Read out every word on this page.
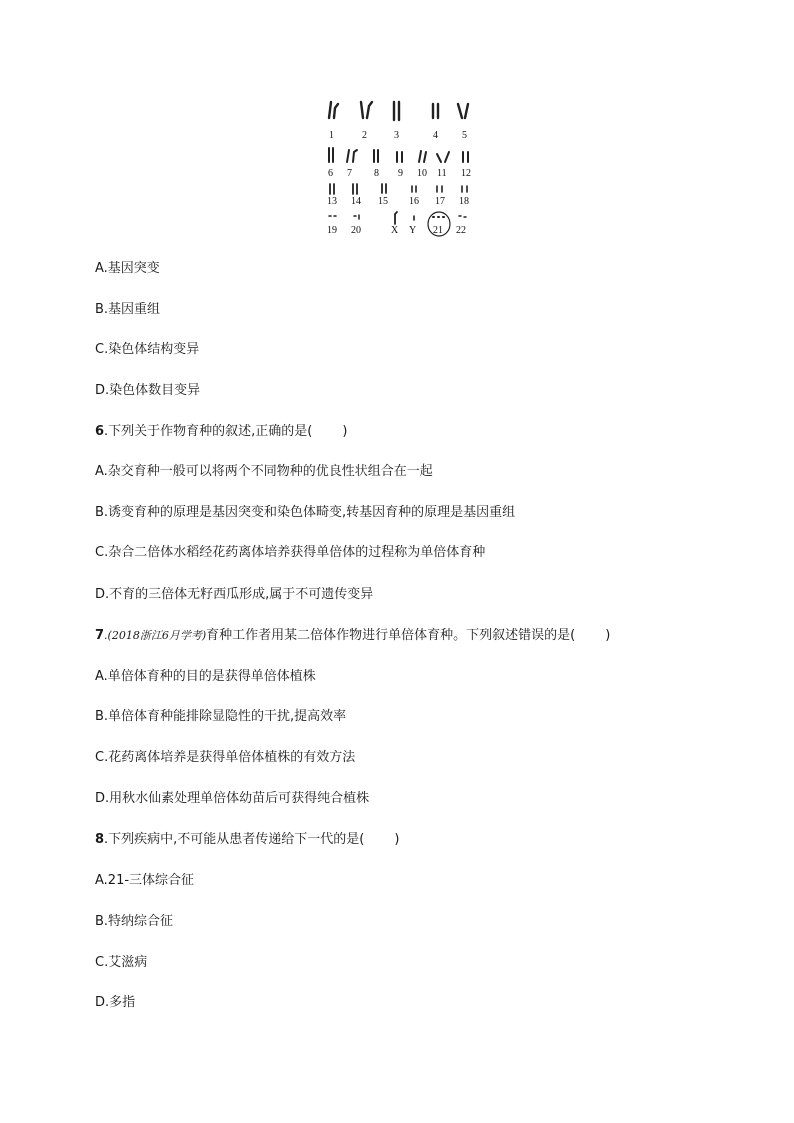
1	2	3	4 5
6 7 8 9 10 11 12
13 14 15 16 17 18
19 20	X Y 21 22
A.基因突变
B.基因重组
C.染色体结构变异
D.染色体数目变异
6.下列关于作物育种的叙述,正确的是( )
A.杂交育种一般可以将两个不同物种的优良性状组合在一起
B.诱变育种的原理是基因突变和染色体畸变,转基因育种的原理是基因重组
C.杂合二倍体水稻经花药离体培养获得单倍体的过程称为单倍体育种
D.不育的三倍体无籽西瓜形成,属于不可遗传变异
7.(2018浙江6月学考)育种工作者用某二倍体作物进行单倍体育种。下列叙述错误的是( )
A.单倍体育种的目的是获得单倍体植株
B.单倍体育种能排除显隐性的干扰,提高效率
C.花药离体培养是获得单倍体植株的有效方法
D.用秋水仙素处理单倍体幼苗后可获得纯合植株
8.下列疾病中,不可能从患者传递给下一代的是( )
A.21-三体综合征
B.特纳综合征
C.艾滋病
D.多指
